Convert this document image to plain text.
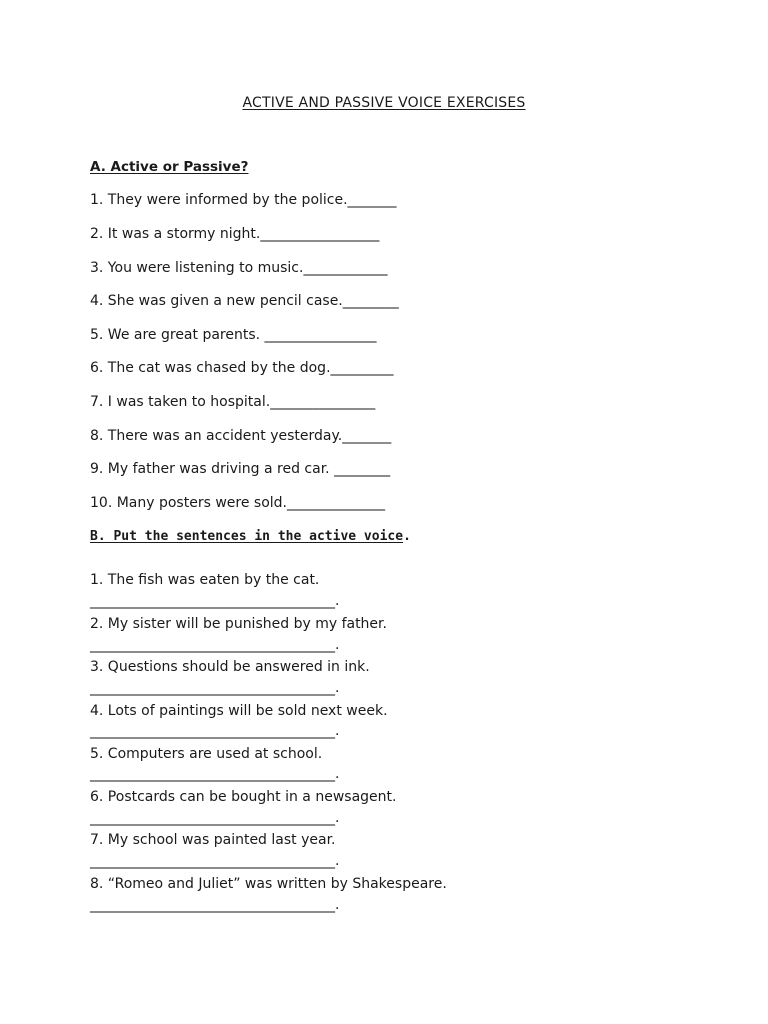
ACTIVE AND PASSIVE VOICE EXERCISES
A. Active or Passive?
1. They were informed by the police._______
2. It was a stormy night._________________
3. You were listening to music.____________
4. She was given a new pencil case.________
5. We are great parents. ________________
6. The cat was chased by the dog._________
7. I was taken to hospital._______________
8. There was an accident yesterday._______
9. My father was driving a red car. ________
10. Many posters were sold.______________
B. Put the sentences in the active voice.
1. The fish was eaten by the cat.
___________________________________.
2. My sister will be punished by my father.
___________________________________.
3. Questions should be answered in ink.
___________________________________.
4. Lots of paintings will be sold next week.
___________________________________.
5. Computers are used at school.
___________________________________.
6. Postcards can be bought in a newsagent.
___________________________________.
7. My school was painted last year.
___________________________________.
8. “Romeo and Juliet” was written by Shakespeare.
___________________________________.
